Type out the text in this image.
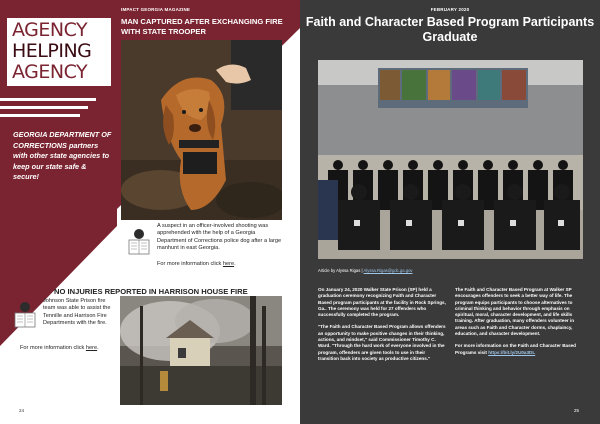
AGENCY
HELPING
AGENCY
GEORGIA DEPARTMENT OF CORRECTIONS partners with other state agencies to keep our state safe & secure!
IMPACT GEORGIA MAGAZINE
MAN CAPTURED AFTER EXCHANGING FIRE WITH STATE TROOPER
A suspect in an officer-involved shooting was apprehended with the help of a Georgia Department of Corrections police dog after a large manhunt in east Georgia.
For more information click here.
NO INJURIES REPORTED IN HARRISON HOUSE FIRE
Johnson State Prison fire team was able to assist the Tennille and Harrison Fire Departments with the fire.
For more information click here.
24
FEBRUARY 2020
Faith and Character Based Program Participants Graduate
Article by Alyssa Rigas | Alyssa.Rigas@gdc.ga.gov

On January 24, 2020 Walker State Prison (SP) held a graduation ceremony recognizing Faith and Character Based program participants at the facility in Rock Springs, Ga.. The ceremony was held for 27 offenders who successfully completed the program.

"The Faith and Character Based Program allows offenders an opportunity to make positive changes in their thinking, actions, and mindset," said Commissioner Timothy C. Ward. "Through the hard work of everyone involved in the program, offenders are given tools to use in their transition back into society as productive citizens."

The Faith and Character Based Program at Walker SP encourages offenders to seek a better way of life. The program equips participants to choose alternatives to criminal thinking and behavior through emphasis on spiritual, moral, character development, and life skills training. After graduation, many offenders volunteer in areas such as Faith and Character dorms, chaplaincy, education, and character development.

For more information on the Faith and Character Based Programs visit https://bit.ly/2U0a3DL

25
